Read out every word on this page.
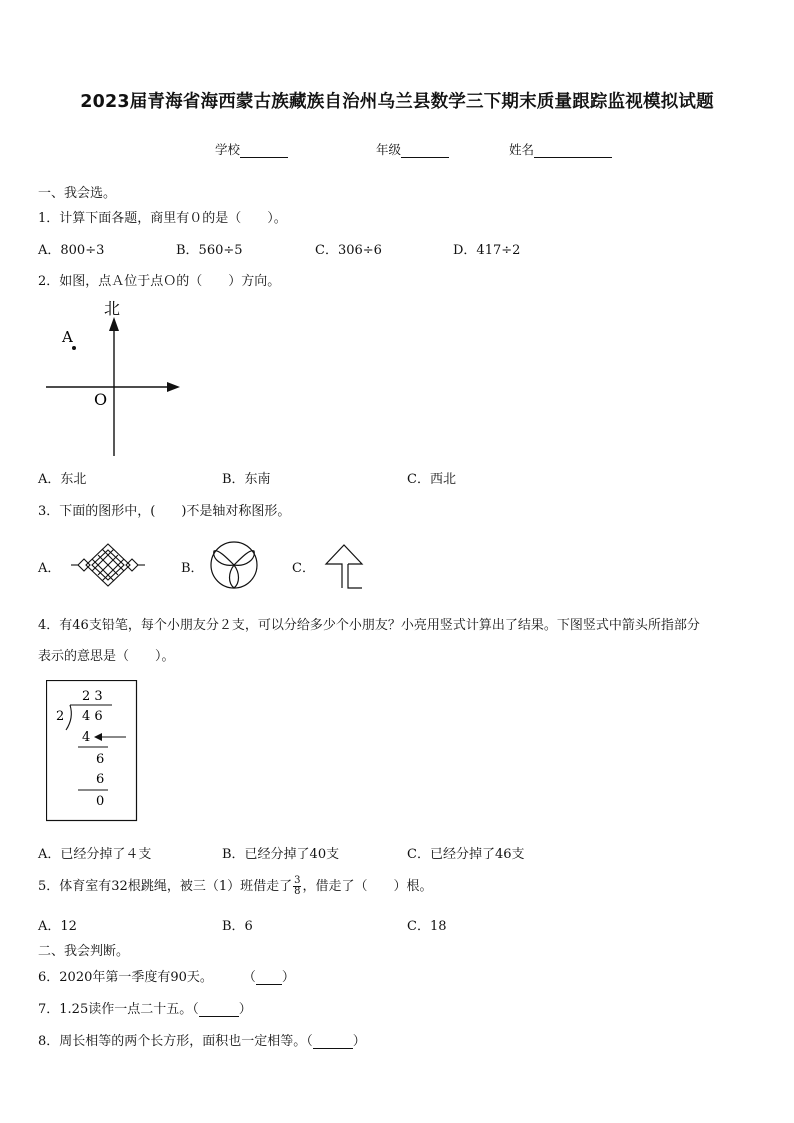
2023届青海省海西蒙古族藏族自治州乌兰县数学三下期末质量跟踪监视模拟试题
学校	年级	姓名
一、我会选。
1．计算下面各题，商里有０的是（　　）。
A．800÷3	B．560÷5	C．306÷6	D．417÷2
2．如图，点Ａ位于点Ｏ的（　　）方向。
北
A
O
A．东北	B．东南	C．西北
3．下面的图形中，(　　)不是轴对称图形。
A．	B．	C．
4．有46支铅笔，每个小朋友分２支，可以分给多少个小朋友？小亮用竖式计算出了结果。下图竖式中箭头所指部分
表示的意思是（　　）。
2 3
2 4 6
4
6
6
0
A．已经分掉了４支	B．已经分掉了40支	C．已经分掉了46支
5．体育室有32根跳绳，被三（1）班借走了 $\frac{3}{8}$ ，借走了（　　）根。
A．12	B．6	C．18
二、我会判断。
6．2020年第一季度有90天。 （ ）
7．1.25读作一点二十五。（	）
8．周长相等的两个长方形，面积也一定相等。（	）
